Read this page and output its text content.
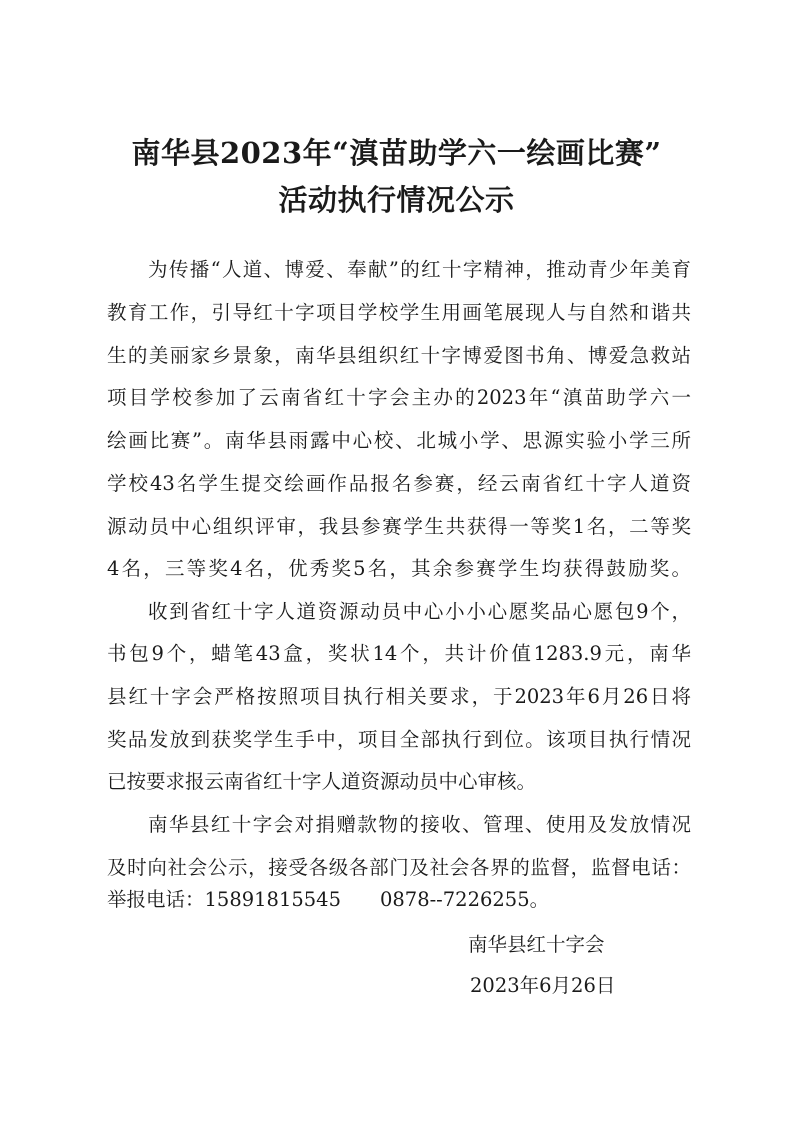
南华县2023年“滇苗助学六一绘画比赛”
活动执行情况公示
为传播“人道、博爱、奉献”的红十字精神，推动青少年美育
教育工作，引导红十字项目学校学生用画笔展现人与自然和谐共
生的美丽家乡景象，南华县组织红十字博爱图书角、博爱急救站
项目学校参加了云南省红十字会主办的2023年“滇苗助学六一
绘画比赛”。南华县雨露中心校、北城小学、思源实验小学三所
学校43名学生提交绘画作品报名参赛，经云南省红十字人道资
源动员中心组织评审，我县参赛学生共获得一等奖1名，二等奖
4名，三等奖4名，优秀奖5名，其余参赛学生均获得鼓励奖。
收到省红十字人道资源动员中心小小心愿奖品心愿包9个，
书包9个，蜡笔43盒，奖状14个，共计价值1283.9元，南华
县红十字会严格按照项目执行相关要求，于2023年6月26日将
奖品发放到获奖学生手中，项目全部执行到位。该项目执行情况
已按要求报云南省红十字人道资源动员中心审核。
南华县红十字会对捐赠款物的接收、管理、使用及发放情况
及时向社会公示，接受各级各部门及社会各界的监督，监督电话：
举报电话：15891815545　　0878--7226255。
南华县红十字会
2023年6月26日
